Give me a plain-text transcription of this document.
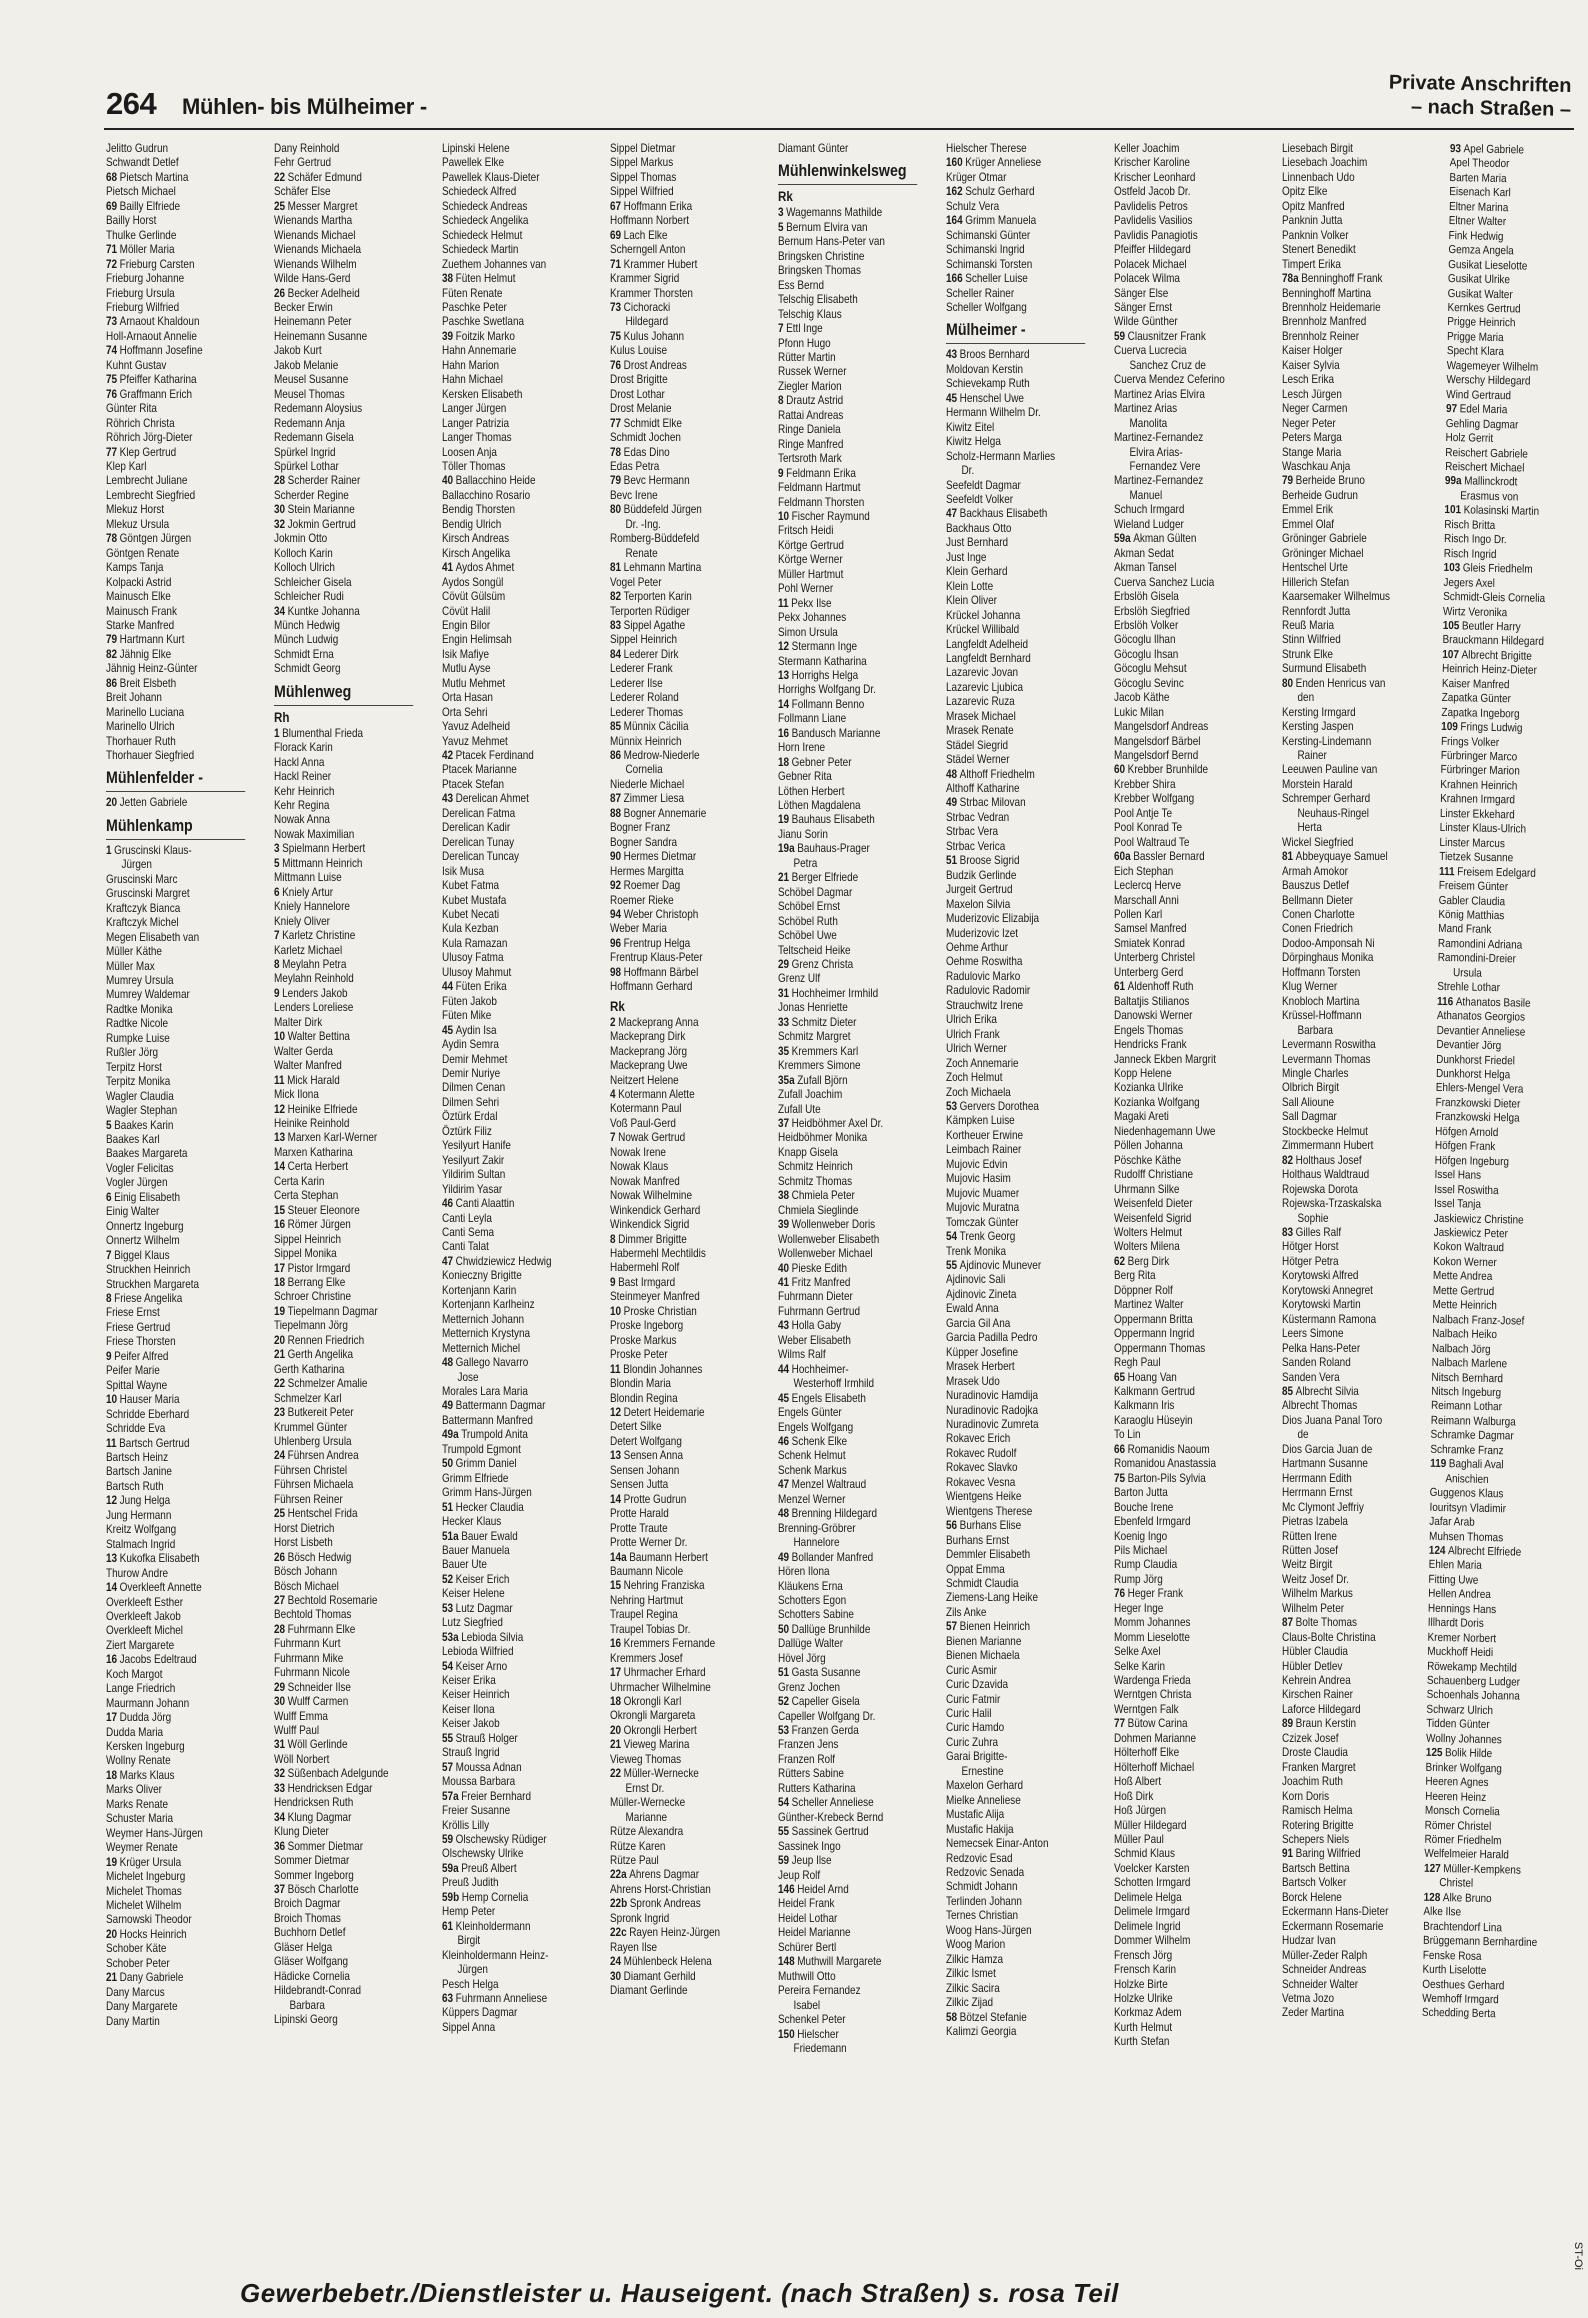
264 Mühlen- bis Mülheimer -
Private Anschriften
– nach Straßen –
Jelitto Gudrun
Schwandt Detlef
68 Pietsch Martina
Pietsch Michael
69 Bailly Elfriede
Bailly Horst
Thulke Gerlinde
71 Möller Maria
72 Frieburg Carsten
Frieburg Johanne
Frieburg Ursula
Frieburg Wilfried
73 Arnaout Khaldoun
Holl-Arnaout Annelie
74 Hoffmann Josefine
Kuhnt Gustav
75 Pfeiffer Katharina
76 Graffmann Erich
Günter Rita
Röhrich Christa
Röhrich Jörg-Dieter
77 Klep Gertrud
Klep Karl
Lembrecht Juliane
Lembrecht Siegfried
Mlekuz Horst
Mlekuz Ursula
78 Göntgen Jürgen
Göntgen Renate
Kamps Tanja
Kolpacki Astrid
Mainusch Elke
Mainusch Frank
Starke Manfred
79 Hartmann Kurt
82 Jähnig Elke
Jähnig Heinz-Günter
86 Breit Elsbeth
Breit Johann
Marinello Luciana
Marinello Ulrich
Thorhauer Ruth
Thorhauer Siegfried
Mühlenfelder -
20 Jetten Gabriele
Mühlenkamp
1 Gruscinski Klaus-
Jürgen
Gruscinski Marc
Gruscinski Margret
Kraftczyk Bianca
Kraftczyk Michel
Megen Elisabeth van
Müller Käthe
Müller Max
Mumrey Ursula
Mumrey Waldemar
Radtke Monika
Radtke Nicole
Rumpke Luise
Rußler Jörg
Terpitz Horst
Terpitz Monika
Wagler Claudia
Wagler Stephan
5 Baakes Karin
Baakes Karl
Baakes Margareta
Vogler Felicitas
Vogler Jürgen
6 Einig Elisabeth
Einig Walter
Onnertz Ingeburg
Onnertz Wilhelm
7 Biggel Klaus
Struckhen Heinrich
Struckhen Margareta
8 Friese Angelika
Friese Ernst
Friese Gertrud
Friese Thorsten
9 Peifer Alfred
Peifer Marie
Spittal Wayne
10 Hauser Maria
Schridde Eberhard
Schridde Eva
11 Bartsch Gertrud
Bartsch Heinz
Bartsch Janine
Bartsch Ruth
12 Jung Helga
Jung Hermann
Kreitz Wolfgang
Stalmach Ingrid
13 Kukofka Elisabeth
Thurow Andre
14 Overkleeft Annette
Overkleeft Esther
Overkleeft Jakob
Overkleeft Michel
Ziert Margarete
16 Jacobs Edeltraud
Koch Margot
Lange Friedrich
Maurmann Johann
17 Dudda Jörg
Dudda Maria
Kersken Ingeburg
Wollny Renate
18 Marks Klaus
Marks Oliver
Marks Renate
Schuster Maria
Weymer Hans-Jürgen
Weymer Renate
19 Krüger Ursula
Michelet Ingeburg
Michelet Thomas
Michelet Wilhelm
Sarnowski Theodor
20 Hocks Heinrich
Schober Käte
Schober Peter
21 Dany Gabriele
Dany Marcus
Dany Margarete
Dany Martin
Dany Reinhold
Fehr Gertrud
22 Schäfer Edmund
Schäfer Else
25 Messer Margret
Wienands Martha
Wienands Michael
Wienands Michaela
Wienands Wilhelm
Wilde Hans-Gerd
26 Becker Adelheid
Becker Erwin
Heinemann Peter
Heinemann Susanne
Jakob Kurt
Jakob Melanie
Meusel Susanne
Meusel Thomas
Redemann Aloysius
Redemann Anja
Redemann Gisela
Spürkel Ingrid
Spürkel Lothar
28 Scherder Rainer
Scherder Regine
30 Stein Marianne
32 Jokmin Gertrud
Jokmin Otto
Kolloch Karin
Kolloch Ulrich
Schleicher Gisela
Schleicher Rudi
34 Kuntke Johanna
Münch Hedwig
Münch Ludwig
Schmidt Erna
Schmidt Georg
Mühlenweg
Rh
1 Blumenthal Frieda
Florack Karin
Hackl Anna
Hackl Reiner
Kehr Heinrich
Kehr Regina
Nowak Anna
Nowak Maximilian
3 Spielmann Herbert
5 Mittmann Heinrich
Mittmann Luise
6 Kniely Artur
Kniely Hannelore
Kniely Oliver
7 Karletz Christine
Karletz Michael
8 Meylahn Petra
Meylahn Reinhold
9 Lenders Jakob
Lenders Loreliese
Malter Dirk
10 Walter Bettina
Walter Gerda
Walter Manfred
11 Mick Harald
Mick Ilona
12 Heinike Elfriede
Heinike Reinhold
13 Marxen Karl-Werner
Marxen Katharina
14 Certa Herbert
Certa Karin
Certa Stephan
15 Steuer Eleonore
16 Römer Jürgen
Sippel Heinrich
Sippel Monika
17 Pistor Irmgard
18 Berrang Elke
Schroer Christine
19 Tiepelmann Dagmar
Tiepelmann Jörg
20 Rennen Friedrich
21 Gerth Angelika
Gerth Katharina
22 Schmelzer Amalie
Schmelzer Karl
23 Butkereit Peter
Krummel Günter
Uhlenberg Ursula
24 Führsen Andrea
Führsen Christel
Führsen Michaela
Führsen Reiner
25 Hentschel Frida
Horst Dietrich
Horst Lisbeth
26 Bösch Hedwig
Bösch Johann
Bösch Michael
27 Bechtold Rosemarie
Bechtold Thomas
28 Fuhrmann Elke
Fuhrmann Kurt
Fuhrmann Mike
Fuhrmann Nicole
29 Schneider Ilse
30 Wulff Carmen
Wulff Emma
Wulff Paul
31 Wöll Gerlinde
Wöll Norbert
32 Süßenbach Adelgunde
33 Hendricksen Edgar
Hendricksen Ruth
34 Klung Dagmar
Klung Dieter
36 Sommer Dietmar
Sommer Dietmar
Sommer Ingeborg
37 Bösch Charlotte
Broich Dagmar
Broich Thomas
Buchhorn Detlef
Gläser Helga
Gläser Wolfgang
Hädicke Cornelia
Hildebrandt-Conrad
Barbara
Lipinski Georg
Lipinski Helene
Pawellek Elke
Pawellek Klaus-Dieter
Schiedeck Alfred
Schiedeck Andreas
Schiedeck Angelika
Schiedeck Helmut
Schiedeck Martin
Zuethem Johannes van
38 Füten Helmut
Füten Renate
Paschke Peter
Paschke Swetlana
39 Foitzik Marko
Hahn Annemarie
Hahn Marion
Hahn Michael
Kersken Elisabeth
Langer Jürgen
Langer Patrizia
Langer Thomas
Loosen Anja
Töller Thomas
40 Ballacchino Heide
Ballacchino Rosario
Bendig Thorsten
Bendig Ulrich
Kirsch Andreas
Kirsch Angelika
41 Aydos Ahmet
Aydos Songül
Cövüt Gülsüm
Cövüt Halil
Engin Bilor
Engin Helimsah
Isik Mafiye
Mutlu Ayse
Mutlu Mehmet
Orta Hasan
Orta Sehri
Yavuz Adelheid
Yavuz Mehmet
42 Ptacek Ferdinand
Ptacek Marianne
Ptacek Stefan
43 Derelican Ahmet
Derelican Fatma
Derelican Kadir
Derelican Tunay
Derelican Tuncay
Isik Musa
Kubet Fatma
Kubet Mustafa
Kubet Necati
Kula Kezban
Kula Ramazan
Ulusoy Fatma
Ulusoy Mahmut
44 Füten Erika
Füten Jakob
Füten Mike
45 Aydin Isa
Aydin Semra
Demir Mehmet
Demir Nuriye
Dilmen Cenan
Dilmen Sehri
Öztürk Erdal
Öztürk Filiz
Yesilyurt Hanife
Yesilyurt Zakir
Yildirim Sultan
Yildirim Yasar
46 Canti Alaattin
Canti Leyla
Canti Sema
Canti Talat
47 Chwidziewicz Hedwig
Konieczny Brigitte
Kortenjann Karin
Kortenjann Karlheinz
Metternich Johann
Metternich Krystyna
Metternich Michel
48 Gallego Navarro
Jose
Morales Lara Maria
49 Battermann Dagmar
Battermann Manfred
49a Trumpold Anita
Trumpold Egmont
50 Grimm Daniel
Grimm Elfriede
Grimm Hans-Jürgen
51 Hecker Claudia
Hecker Klaus
51a Bauer Ewald
Bauer Manuela
Bauer Ute
52 Keiser Erich
Keiser Helene
53 Lutz Dagmar
Lutz Siegfried
53a Lebioda Silvia
Lebioda Wilfried
54 Keiser Arno
Keiser Erika
Keiser Heinrich
Keiser Ilona
Keiser Jakob
55 Strauß Holger
Strauß Ingrid
57 Moussa Adnan
Moussa Barbara
57a Freier Bernhard
Freier Susanne
Kröllis Lilly
59 Olschewsky Rüdiger
Olschewsky Ulrike
59a Preuß Albert
Preuß Judith
59b Hemp Cornelia
Hemp Peter
61 Kleinholdermann
Birgit
Kleinholdermann Heinz-
Jürgen
Pesch Helga
63 Fuhrmann Anneliese
Küppers Dagmar
Sippel Anna
Sippel Dietmar
Sippel Markus
Sippel Thomas
Sippel Wilfried
67 Hoffmann Erika
Hoffmann Norbert
69 Lach Elke
Scherngell Anton
71 Krammer Hubert
Krammer Sigrid
Krammer Thorsten
73 Cichoracki
Hildegard
75 Kulus Johann
Kulus Louise
76 Drost Andreas
Drost Brigitte
Drost Lothar
Drost Melanie
77 Schmidt Elke
Schmidt Jochen
78 Edas Dino
Edas Petra
79 Bevc Hermann
Bevc Irene
80 Büddefeld Jürgen
Dr. -Ing.
Romberg-Büddefeld
Renate
81 Lehmann Martina
Vogel Peter
82 Terporten Karin
Terporten Rüdiger
83 Sippel Agathe
Sippel Heinrich
84 Lederer Dirk
Lederer Frank
Lederer Ilse
Lederer Roland
Lederer Thomas
85 Münnix Cäcilia
Münnix Heinrich
86 Medrow-Niederle
Cornelia
Niederle Michael
87 Zimmer Liesa
88 Bogner Annemarie
Bogner Franz
Bogner Sandra
90 Hermes Dietmar
Hermes Margitta
92 Roemer Dag
Roemer Rieke
94 Weber Christoph
Weber Maria
96 Frentrup Helga
Frentrup Klaus-Peter
98 Hoffmann Bärbel
Hoffmann Gerhard
Rk
2 Mackeprang Anna
Mackeprang Dirk
Mackeprang Jörg
Mackeprang Uwe
Neitzert Helene
4 Kotermann Alette
Kotermann Paul
Voß Paul-Gerd
7 Nowak Gertrud
Nowak Irene
Nowak Klaus
Nowak Manfred
Nowak Wilhelmine
Winkendick Gerhard
Winkendick Sigrid
8 Dimmer Brigitte
Habermehl Mechtildis
Habermehl Rolf
9 Bast Irmgard
Steinmeyer Manfred
10 Proske Christian
Proske Ingeborg
Proske Markus
Proske Peter
11 Blondin Johannes
Blondin Maria
Blondin Regina
12 Detert Heidemarie
Detert Silke
Detert Wolfgang
13 Sensen Anna
Sensen Johann
Sensen Jutta
14 Protte Gudrun
Protte Harald
Protte Traute
Protte Werner Dr.
14a Baumann Herbert
Baumann Nicole
15 Nehring Franziska
Nehring Hartmut
Traupel Regina
Traupel Tobias Dr.
16 Kremmers Fernande
Kremmers Josef
17 Uhrmacher Erhard
Uhrmacher Wilhelmine
18 Okrongli Karl
Okrongli Margareta
20 Okrongli Herbert
21 Vieweg Marina
Vieweg Thomas
22 Müller-Wernecke
Ernst Dr.
Müller-Wernecke
Marianne
Rütze Alexandra
Rütze Karen
Rütze Paul
22a Ahrens Dagmar
Ahrens Horst-Christian
22b Spronk Andreas
Spronk Ingrid
22c Rayen Heinz-Jürgen
Rayen Ilse
24 Mühlenbeck Helena
30 Diamant Gerhild
Diamant Gerlinde
Diamant Günter
Mühlenwinkelsweg
Rk
3 Wagemanns Mathilde
5 Bernum Elvira van
Bernum Hans-Peter van
Bringsken Christine
Bringsken Thomas
Ess Bernd
Telschig Elisabeth
Telschig Klaus
7 Ettl Inge
Pfonn Hugo
Rütter Martin
Russek Werner
Ziegler Marion
8 Drautz Astrid
Rattai Andreas
Ringe Daniela
Ringe Manfred
Tertsroth Mark
9 Feldmann Erika
Feldmann Hartmut
Feldmann Thorsten
10 Fischer Raymund
Fritsch Heidi
Körtge Gertrud
Körtge Werner
Müller Hartmut
Pohl Werner
11 Pekx Ilse
Pekx Johannes
Simon Ursula
12 Stermann Inge
Stermann Katharina
13 Horrighs Helga
Horrighs Wolfgang Dr.
14 Follmann Benno
Follmann Liane
16 Bandusch Marianne
Horn Irene
18 Gebner Peter
Gebner Rita
Löthen Herbert
Löthen Magdalena
19 Bauhaus Elisabeth
Jianu Sorin
19a Bauhaus-Prager
Petra
21 Berger Elfriede
Schöbel Dagmar
Schöbel Ernst
Schöbel Ruth
Schöbel Uwe
Teltscheid Heike
29 Grenz Christa
Grenz Ulf
31 Hochheimer Irmhild
Jonas Henriette
33 Schmitz Dieter
Schmitz Margret
35 Kremmers Karl
Kremmers Simone
35a Zufall Björn
Zufall Joachim
Zufall Ute
37 Heidböhmer Axel Dr.
Heidböhmer Monika
Knapp Gisela
Schmitz Heinrich
Schmitz Thomas
38 Chmiela Peter
Chmiela Sieglinde
39 Wollenweber Doris
Wollenweber Elisabeth
Wollenweber Michael
40 Pieske Edith
41 Fritz Manfred
Fuhrmann Dieter
Fuhrmann Gertrud
43 Holla Gaby
Weber Elisabeth
Wilms Ralf
44 Hochheimer-
Westerhoff Irmhild
45 Engels Elisabeth
Engels Günter
Engels Wolfgang
46 Schenk Elke
Schenk Helmut
Schenk Markus
47 Menzel Waltraud
Menzel Werner
48 Brenning Hildegard
Brenning-Gröbrer
Hannelore
49 Bollander Manfred
Hören Ilona
Kläukens Erna
Schotters Egon
Schotters Sabine
50 Dallüge Brunhilde
Dallüge Walter
Hövel Jörg
51 Gasta Susanne
Grenz Jochen
52 Capeller Gisela
Capeller Wolfgang Dr.
53 Franzen Gerda
Franzen Jens
Franzen Rolf
Rütters Sabine
Rutters Katharina
54 Scheller Anneliese
Günther-Krebeck Bernd
55 Sassinek Gertrud
Sassinek Ingo
59 Jeup Ilse
Jeup Rolf
146 Heidel Arnd
Heidel Frank
Heidel Lothar
Heidel Marianne
Schürer Bertl
148 Muthwill Margarete
Muthwill Otto
Pereira Fernandez
Isabel
Schenkel Peter
150 Hielscher
Friedemann
Hielscher Therese
160 Krüger Anneliese
Krüger Otmar
162 Schulz Gerhard
Schulz Vera
164 Grimm Manuela
Schimanski Günter
Schimanski Ingrid
Schimanski Torsten
166 Scheller Luise
Scheller Rainer
Scheller Wolfgang
Mülheimer -
43 Broos Bernhard
Moldovan Kerstin
Schievekamp Ruth
45 Henschel Uwe
Hermann Wilhelm Dr.
Kiwitz Eitel
Kiwitz Helga
Scholz-Hermann Marlies
Dr.
Seefeldt Dagmar
Seefeldt Volker
47 Backhaus Elisabeth
Backhaus Otto
Just Bernhard
Just Inge
Klein Gerhard
Klein Lotte
Klein Oliver
Krückel Johanna
Krückel Willibald
Langfeldt Adelheid
Langfeldt Bernhard
Lazarevic Jovan
Lazarevic Ljubica
Lazarevic Ruza
Mrasek Michael
Mrasek Renate
Städel Siegrid
Städel Werner
48 Althoff Friedhelm
Althoff Katharine
49 Strbac Milovan
Strbac Vedran
Strbac Vera
Strbac Verica
51 Broose Sigrid
Budzik Gerlinde
Jurgeit Gertrud
Maxelon Silvia
Muderizovic Elizabija
Muderizovic Izet
Oehme Arthur
Oehme Roswitha
Radulovic Marko
Radulovic Radomir
Strauchwitz Irene
Ulrich Erika
Ulrich Frank
Ulrich Werner
Zoch Annemarie
Zoch Helmut
Zoch Michaela
53 Gervers Dorothea
Kämpken Luise
Kortheuer Erwine
Leimbach Rainer
Mujovic Edvin
Mujovic Hasim
Mujovic Muamer
Mujovic Muratna
Tomczak Günter
54 Trenk Georg
Trenk Monika
55 Ajdinovic Munever
Ajdinovic Sali
Ajdinovic Zineta
Ewald Anna
Garcia Gil Ana
Garcia Padilla Pedro
Küpper Josefine
Mrasek Herbert
Mrasek Udo
Nuradinovic Hamdija
Nuradinovic Radojka
Nuradinovic Zumreta
Rokavec Erich
Rokavec Rudolf
Rokavec Slavko
Rokavec Vesna
Wientgens Heike
Wientgens Therese
56 Burhans Elise
Burhans Ernst
Demmler Elisabeth
Oppat Emma
Schmidt Claudia
Ziemens-Lang Heike
Zils Anke
57 Bienen Heinrich
Bienen Marianne
Bienen Michaela
Curic Asmir
Curic Dzavida
Curic Fatmir
Curic Halil
Curic Hamdo
Curic Zuhra
Garai Brigitte-
Ernestine
Maxelon Gerhard
Mielke Anneliese
Mustafic Alija
Mustafic Hakija
Nemecsek Einar-Anton
Redzovic Esad
Redzovic Senada
Schmidt Johann
Terlinden Johann
Ternes Christian
Woog Hans-Jürgen
Woog Marion
Zilkic Hamza
Zilkic Ismet
Zilkic Sacira
Zilkic Zijad
58 Bötzel Stefanie
Kalimzi Georgia
Keller Joachim
Krischer Karoline
Krischer Leonhard
Ostfeld Jacob Dr.
Pavlidelis Petros
Pavlidelis Vasilios
Pavlidis Panagiotis
Pfeiffer Hildegard
Polacek Michael
Polacek Wilma
Sänger Else
Sänger Ernst
Wilde Günther
59 Clausnitzer Frank
Cuerva Lucrecia
Sanchez Cruz de
Cuerva Mendez Ceferino
Martinez Arias Elvira
Martinez Arias
Manolita
Martinez-Fernandez
Elvira Arias-
Fernandez Vere
Martinez-Fernandez
Manuel
Schuch Irmgard
Wieland Ludger
59a Akman Gülten
Akman Sedat
Akman Tansel
Cuerva Sanchez Lucia
Erbslöh Gisela
Erbslöh Siegfried
Erbslöh Volker
Göcoglu Ilhan
Göcoglu Ihsan
Göcoglu Mehsut
Göcoglu Sevinc
Jacob Käthe
Lukic Milan
Mangelsdorf Andreas
Mangelsdorf Bärbel
Mangelsdorf Bernd
60 Krebber Brunhilde
Krebber Shira
Krebber Wolfgang
Pool Antje Te
Pool Konrad Te
Pool Waltraud Te
60a Bassler Bernard
Eich Stephan
Leclercq Herve
Marschall Anni
Pollen Karl
Samsel Manfred
Smiatek Konrad
Unterberg Christel
Unterberg Gerd
61 Aldenhoff Ruth
Baltatjis Stilianos
Danowski Werner
Engels Thomas
Hendricks Frank
Janneck Ekben Margrit
Kopp Helene
Kozianka Ulrike
Kozianka Wolfgang
Magaki Areti
Niedenhagemann Uwe
Pöllen Johanna
Pöschke Käthe
Rudolff Christiane
Uhrmann Silke
Weisenfeld Dieter
Weisenfeld Sigrid
Wolters Helmut
Wolters Milena
62 Berg Dirk
Berg Rita
Döppner Rolf
Martinez Walter
Oppermann Britta
Oppermann Ingrid
Oppermann Thomas
Regh Paul
65 Hoang Van
Kalkmann Gertrud
Kalkmann Iris
Karaoglu Hüseyin
To Lin
66 Romanidis Naoum
Romanidou Anastassia
75 Barton-Pils Sylvia
Barton Jutta
Bouche Irene
Ebenfeld Irmgard
Koenig Ingo
Pils Michael
Rump Claudia
Rump Jörg
76 Heger Frank
Heger Inge
Momm Johannes
Momm Lieselotte
Selke Axel
Selke Karin
Wardenga Frieda
Werntgen Christa
Werntgen Falk
77 Bütow Carina
Dohmen Marianne
Hölterhoff Elke
Hölterhoff Michael
Hoß Albert
Hoß Dirk
Hoß Jürgen
Müller Hildegard
Müller Paul
Schmid Klaus
Voelcker Karsten
Schotten Irmgard
Delimele Helga
Delimele Irmgard
Delimele Ingrid
Dommer Wilhelm
Frensch Jörg
Frensch Karin
Holzke Birte
Holzke Ulrike
Korkmaz Adem
Kurth Helmut
Kurth Stefan
Liesebach Birgit
Liesebach Joachim
Linnenbach Udo
Opitz Elke
Opitz Manfred
Panknin Jutta
Panknin Volker
Stenert Benedikt
Timpert Erika
78a Benninghoff Frank
Benninghoff Martina
Brennholz Heidemarie
Brennholz Manfred
Brennholz Reiner
Kaiser Holger
Kaiser Sylvia
Lesch Erika
Lesch Jürgen
Neger Carmen
Neger Peter
Peters Marga
Stange Maria
Waschkau Anja
79 Berheide Bruno
Berheide Gudrun
Emmel Erik
Emmel Olaf
Gröninger Gabriele
Gröninger Michael
Hentschel Urte
Hillerich Stefan
Kaarsemaker Wilhelmus
Rennfordt Jutta
Reuß Maria
Stinn Wilfried
Strunk Elke
Surmund Elisabeth
80 Enden Henricus van
den
Kersting Irmgard
Kersting Jaspen
Kersting-Lindemann
Rainer
Leeuwen Pauline van
Morstein Harald
Schremper Gerhard
Neuhaus-Ringel
Herta
Wickel Siegfried
81 Abbeyquaye Samuel
Armah Amokor
Bauszus Detlef
Bellmann Dieter
Conen Charlotte
Conen Friedrich
Dodoo-Amponsah Ni
Dörpinghaus Monika
Hoffmann Torsten
Klug Werner
Knobloch Martina
Krüssel-Hoffmann
Barbara
Levermann Roswitha
Levermann Thomas
Mingle Charles
Olbrich Birgit
Sall Alioune
Sall Dagmar
Stockbecke Helmut
Zimmermann Hubert
82 Holthaus Josef
Holthaus Waldtraud
Rojewska Dorota
Rojewska-Trzaskalska
Sophie
83 Gilles Ralf
Hötger Horst
Hötger Petra
Korytowski Alfred
Korytowski Annegret
Korytowski Martin
Küstermann Ramona
Leers Simone
Pelka Hans-Peter
Sanden Roland
Sanden Vera
85 Albrecht Silvia
Albrecht Thomas
Dios Juana Panal Toro
de
Dios Garcia Juan de
Hartmann Susanne
Herrmann Edith
Herrmann Ernst
Mc Clymont Jeffriy
Pietras Izabela
Rütten Irene
Rütten Josef
Weitz Birgit
Weitz Josef Dr.
Wilhelm Markus
Wilhelm Peter
87 Bolte Thomas
Claus-Bolte Christina
Hübler Claudia
Hübler Detlev
Kehrein Andrea
Kirschen Rainer
Laforce Hildegard
89 Braun Kerstin
Czizek Josef
Droste Claudia
Franken Margret
Joachim Ruth
Korn Doris
Ramisch Helma
Rotering Brigitte
Schepers Niels
91 Baring Wilfried
Bartsch Bettina
Bartsch Volker
Borck Helene
Eckermann Hans-Dieter
Eckermann Rosemarie
Hudzar Ivan
Müller-Zeder Ralph
Schneider Andreas
Schneider Walter
Vetma Jozo
Zeder Martina
93 Apel Gabriele
Apel Theodor
Barten Maria
Eisenach Karl
Eltner Marina
Eltner Walter
Fink Hedwig
Gemza Angela
Gusikat Lieselotte
Gusikat Ulrike
Gusikat Walter
Kernkes Gertrud
Prigge Heinrich
Prigge Maria
Specht Klara
Wagemeyer Wilhelm
Werschy Hildegard
Wind Gertraud
97 Edel Maria
Gehling Dagmar
Holz Gerrit
Reischert Gabriele
Reischert Michael
99a Mallinckrodt
Erasmus von
101 Kolasinski Martin
Risch Britta
Risch Ingo Dr.
Risch Ingrid
103 Gleis Friedhelm
Jegers Axel
Schmidt-Gleis Cornelia
Wirtz Veronika
105 Beutler Harry
Brauckmann Hildegard
107 Albrecht Brigitte
Heinrich Heinz-Dieter
Kaiser Manfred
Zapatka Günter
Zapatka Ingeborg
109 Frings Ludwig
Frings Volker
Fürbringer Marco
Fürbringer Marion
Krahnen Heinrich
Krahnen Irmgard
Linster Ekkehard
Linster Klaus-Ulrich
Linster Marcus
Tietzek Susanne
111 Freisem Edelgard
Freisem Günter
Gabler Claudia
König Matthias
Mand Frank
Ramondini Adriana
Ramondini-Dreier
Ursula
Strehle Lothar
116 Athanatos Basile
Athanatos Georgios
Devantier Anneliese
Devantier Jörg
Dunkhorst Friedel
Dunkhorst Helga
Ehlers-Mengel Vera
Franzkowski Dieter
Franzkowski Helga
Höfgen Arnold
Höfgen Frank
Höfgen Ingeburg
Issel Hans
Issel Roswitha
Issel Tanja
Jaskiewicz Christine
Jaskiewicz Peter
Kokon Waltraud
Kokon Werner
Mette Andrea
Mette Gertrud
Mette Heinrich
Nalbach Franz-Josef
Nalbach Heiko
Nalbach Jörg
Nalbach Marlene
Nitsch Bernhard
Nitsch Ingeburg
Reimann Lothar
Reimann Walburga
Schramke Dagmar
Schramke Franz
119 Baghali Aval
Anischien
Guggenos Klaus
Iouritsyn Vladimir
Jafar Arab
Muhsen Thomas
124 Albrecht Elfriede
Ehlen Maria
Fitting Uwe
Hellen Andrea
Hennings Hans
Illhardt Doris
Kremer Norbert
Muckhoff Heidi
Röwekamp Mechtild
Schauenberg Ludger
Schoenhals Johanna
Schwarz Ulrich
Tidden Günter
Wollny Johannes
125 Bolik Hilde
Brinker Wolfgang
Heeren Agnes
Heeren Heinz
Monsch Cornelia
Römer Christel
Römer Friedhelm
Welfelmeier Harald
127 Müller-Kempkens
Christel
128 Alke Bruno
Alke Ilse
Brachtendorf Lina
Brüggemann Bernhardine
Fenske Rosa
Kurth Liselotte
Oesthues Gerhard
Wemhoff Irmgard
Schedding Berta
Gewerbebetr./Dienstleister u. Hauseigent. (nach Straßen) s. rosa Teil
ST-Oi
